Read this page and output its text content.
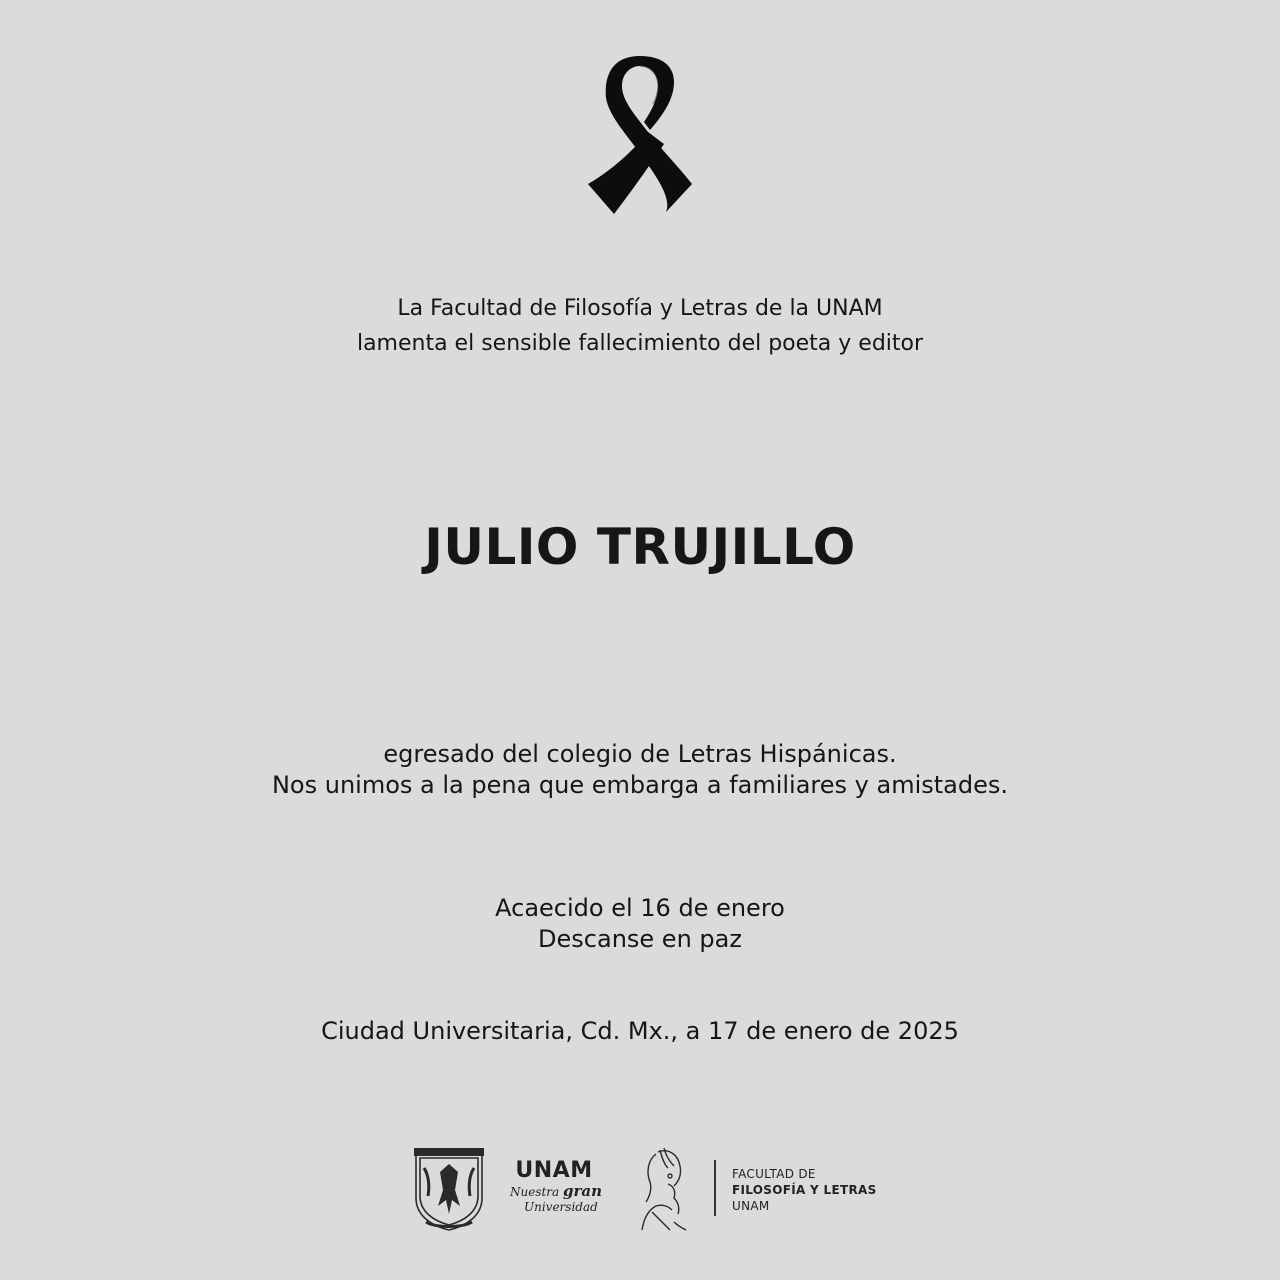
La Facultad de Filosofía y Letras de la UNAM
lamenta el sensible fallecimiento del poeta y editor
JULIO TRUJILLO
egresado del colegio de Letras Hispánicas.
Nos unimos a la pena que embarga a familiares y amistades.
Acaecido el 16 de enero
Descanse en paz
Ciudad Universitaria, Cd. Mx., a 17 de enero de 2025
UNAM
Nuestra gran
Universidad
FACULTAD DE
FILOSOFÍA Y LETRAS
UNAM
